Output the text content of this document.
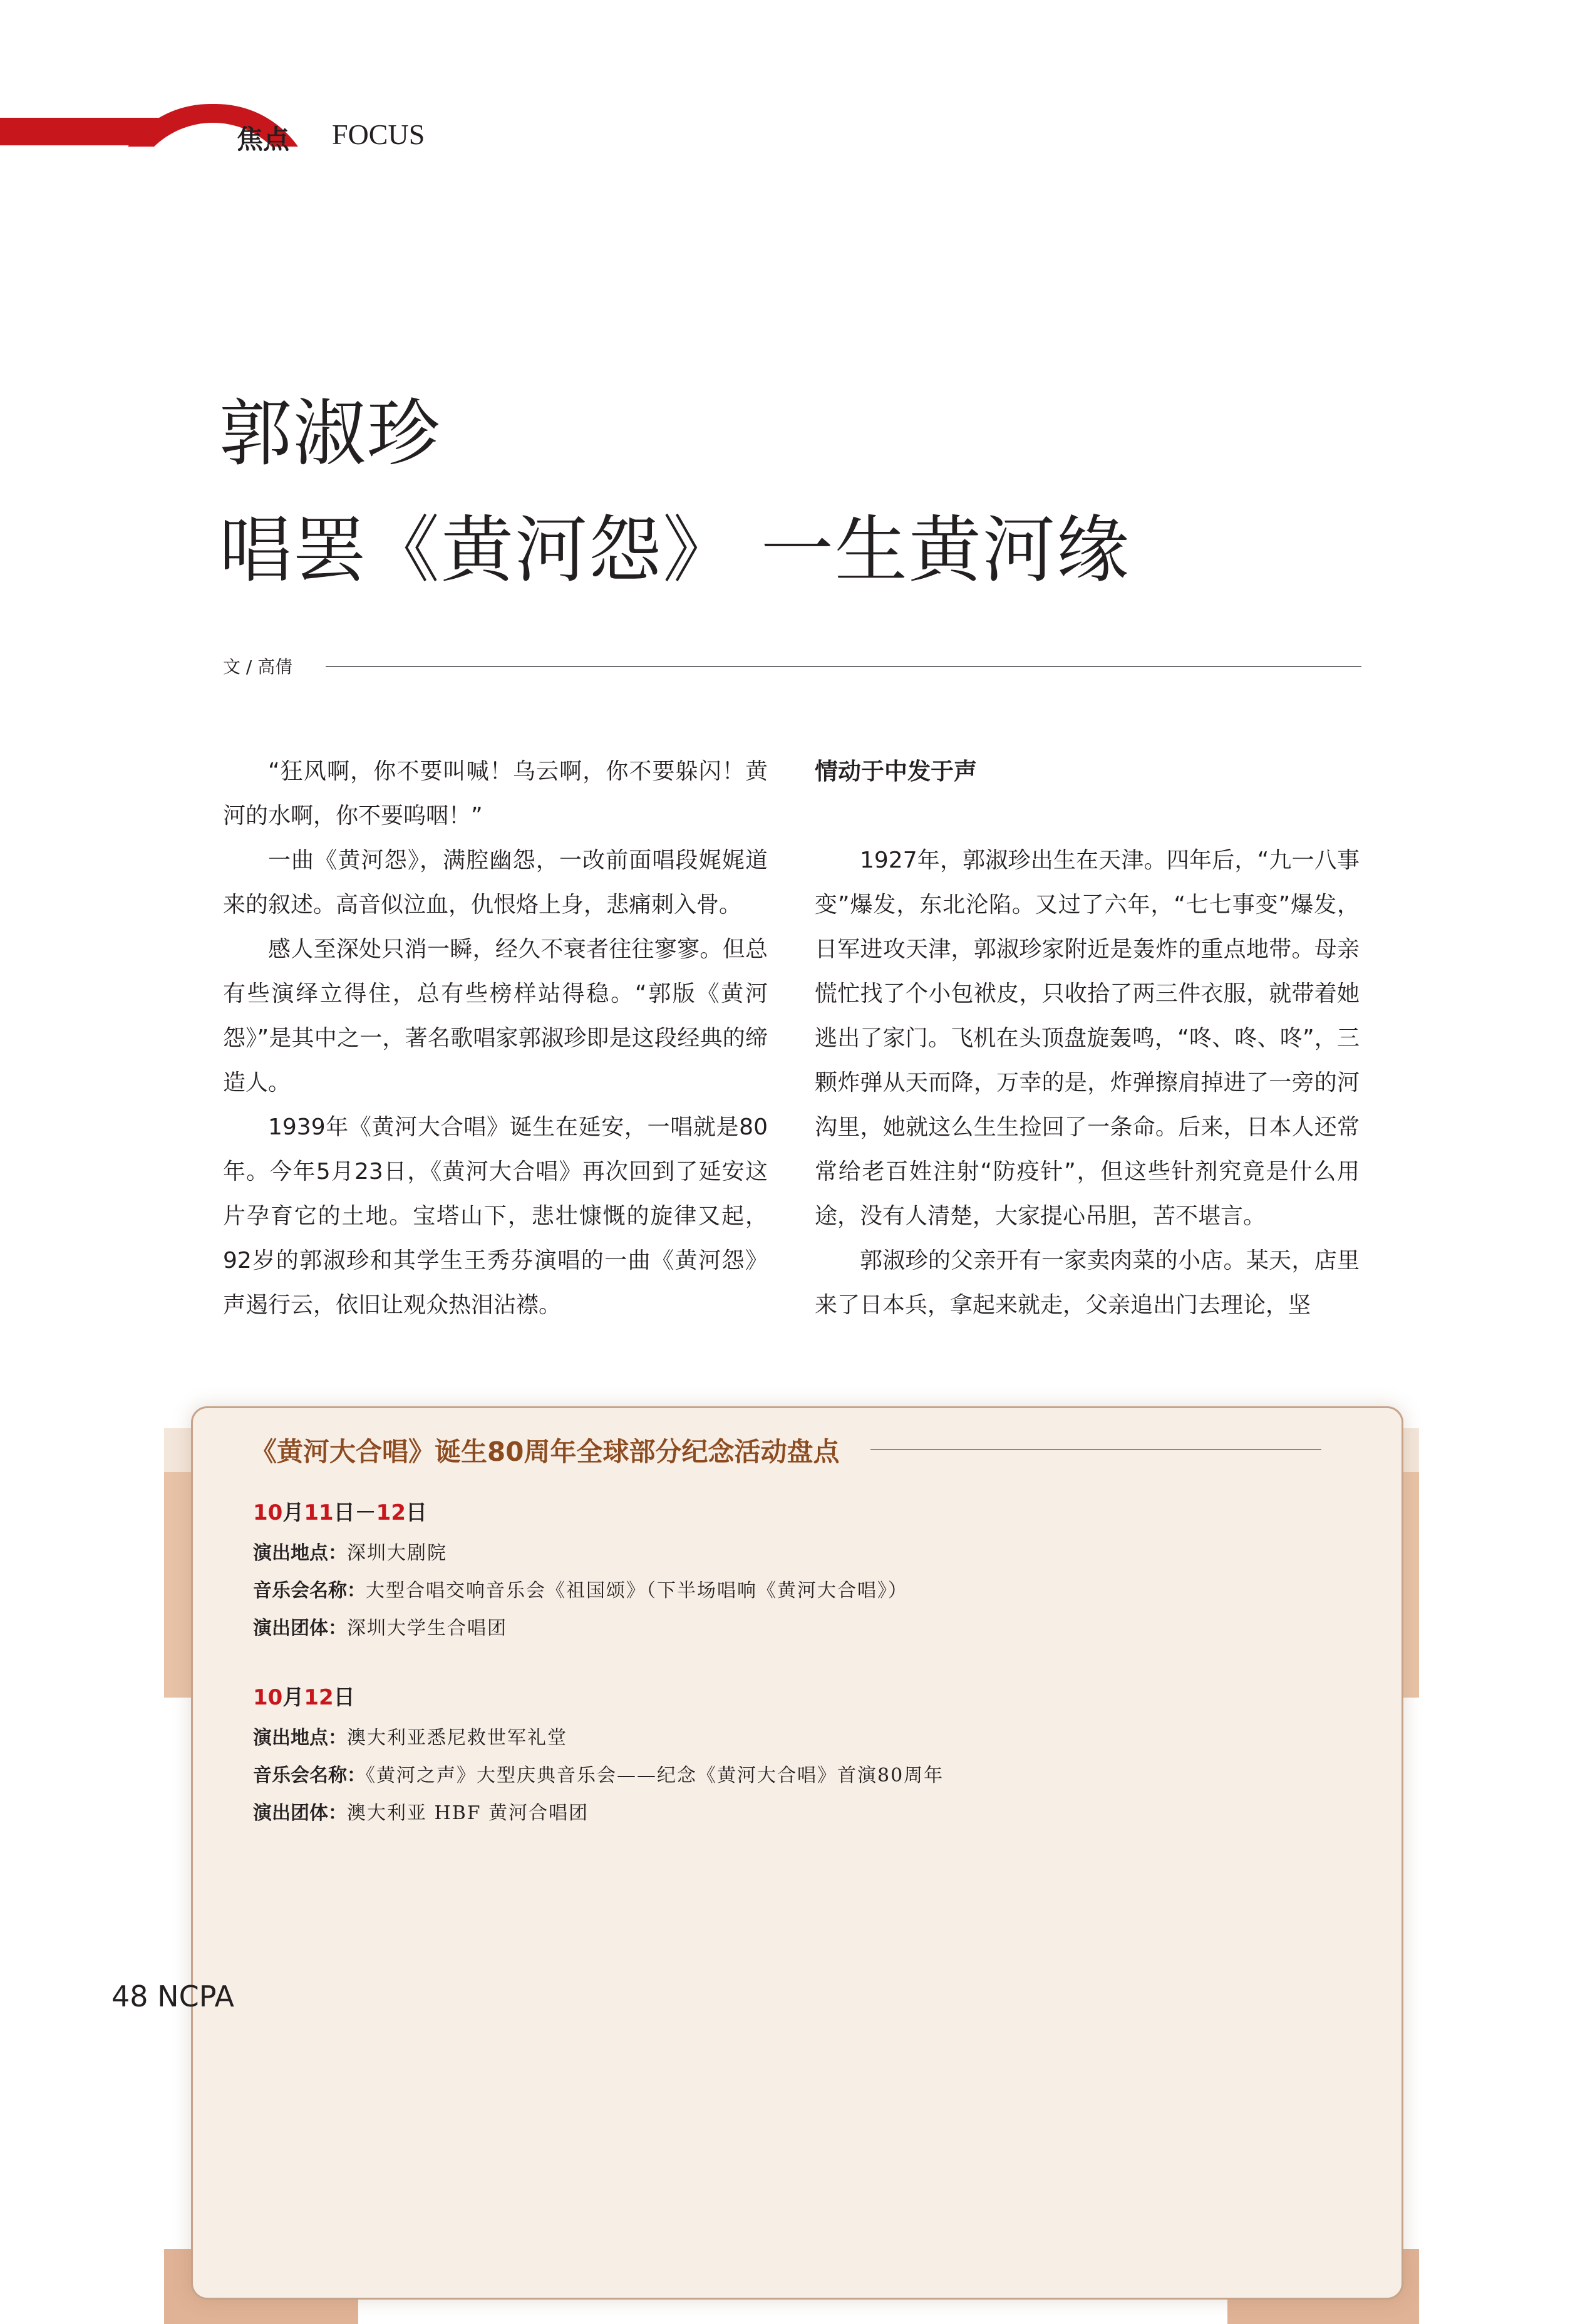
焦点 FOCUS
郭淑珍
唱罢《黄河怨》 一生黄河缘
文 / 高倩

“狂风啊，你不要叫喊！乌云啊，你不要躲闪！黄河的水啊，你不要呜咽！”

一曲《黄河怨》，满腔幽怨，一改前面唱段娓娓道来的叙述。高音似泣血，仇恨烙上身，悲痛刺入骨。

感人至深处只消一瞬，经久不衰者往往寥寥。但总有些演绎立得住，总有些榜样站得稳。“郭版《黄河怨》”是其中之一，著名歌唱家郭淑珍即是这段经典的缔造人。

1939年《黄河大合唱》诞生在延安，一唱就是80年。今年5月23日，《黄河大合唱》再次回到了延安这片孕育它的土地。宝塔山下，悲壮慷慨的旋律又起，92岁的郭淑珍和其学生王秀芬演唱的一曲《黄河怨》声遏行云，依旧让观众热泪沾襟。

情动于中发于声

1927年，郭淑珍出生在天津。四年后，“九一八事变”爆发，东北沦陷。又过了六年，“七七事变”爆发，日军进攻天津，郭淑珍家附近是轰炸的重点地带。母亲慌忙找了个小包袱皮，只收拾了两三件衣服，就带着她逃出了家门。飞机在头顶盘旋轰鸣，“咚、咚、咚”，三颗炸弹从天而降，万幸的是，炸弹擦肩掉进了一旁的河沟里，她就这么生生捡回了一条命。后来，日本人还常常给老百姓注射“防疫针”，但这些针剂究竟是什么用途，没有人清楚，大家提心吊胆，苦不堪言。

郭淑珍的父亲开有一家卖肉菜的小店。某天，店里来了日本兵，拿起来就走，父亲追出门去理论，坚

《黄河大合唱》诞生80周年全球部分纪念活动盘点
10月11日－12日
演出地点：深圳大剧院
音乐会名称：大型合唱交响音乐会《祖国颂》（下半场唱响《黄河大合唱》）
演出团体：深圳大学生合唱团
10月12日
演出地点：澳大利亚悉尼救世军礼堂
音乐会名称：《黄河之声》大型庆典音乐会——纪念《黄河大合唱》首演80周年
演出团体：澳大利亚 HBF 黄河合唱团
48 NCPA
